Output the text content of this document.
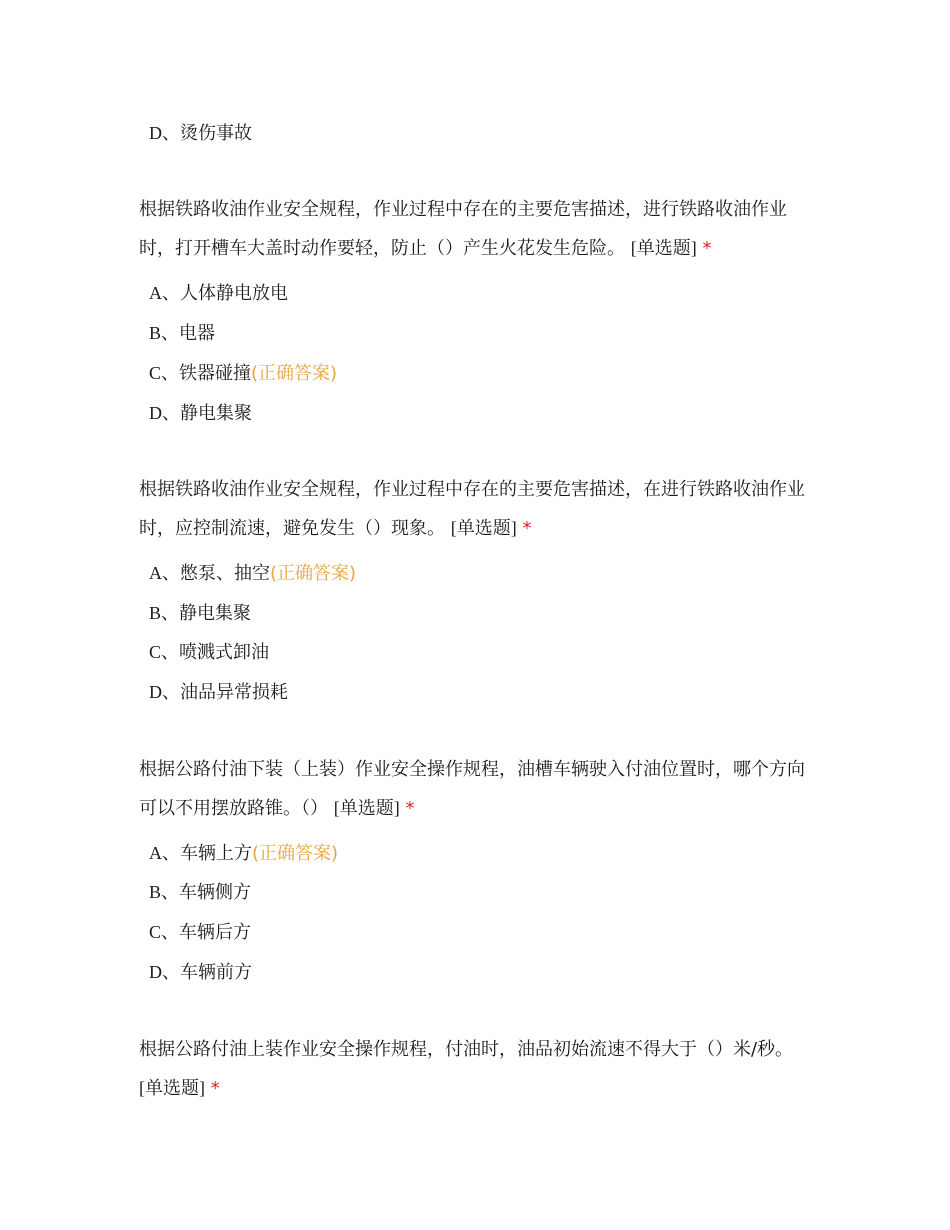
D、烫伤事故
根据铁路收油作业安全规程，作业过程中存在的主要危害描述，进行铁路收油作业时，打开槽车大盖时动作要轻，防止（）产生火花发生危险。 [单选题] *
A、人体静电放电
B、电器
C、铁器碰撞(正确答案)
D、静电集聚
根据铁路收油作业安全规程，作业过程中存在的主要危害描述，在进行铁路收油作业时，应控制流速，避免发生（）现象。 [单选题] *
A、憋泵、抽空(正确答案)
B、静电集聚
C、喷溅式卸油
D、油品异常损耗
根据公路付油下装（上装）作业安全操作规程，油槽车辆驶入付油位置时，哪个方向可以不用摆放路锥。（） [单选题] *
A、车辆上方(正确答案)
B、车辆侧方
C、车辆后方
D、车辆前方
根据公路付油上装作业安全操作规程，付油时，油品初始流速不得大于（）米/秒。 [单选题] *
